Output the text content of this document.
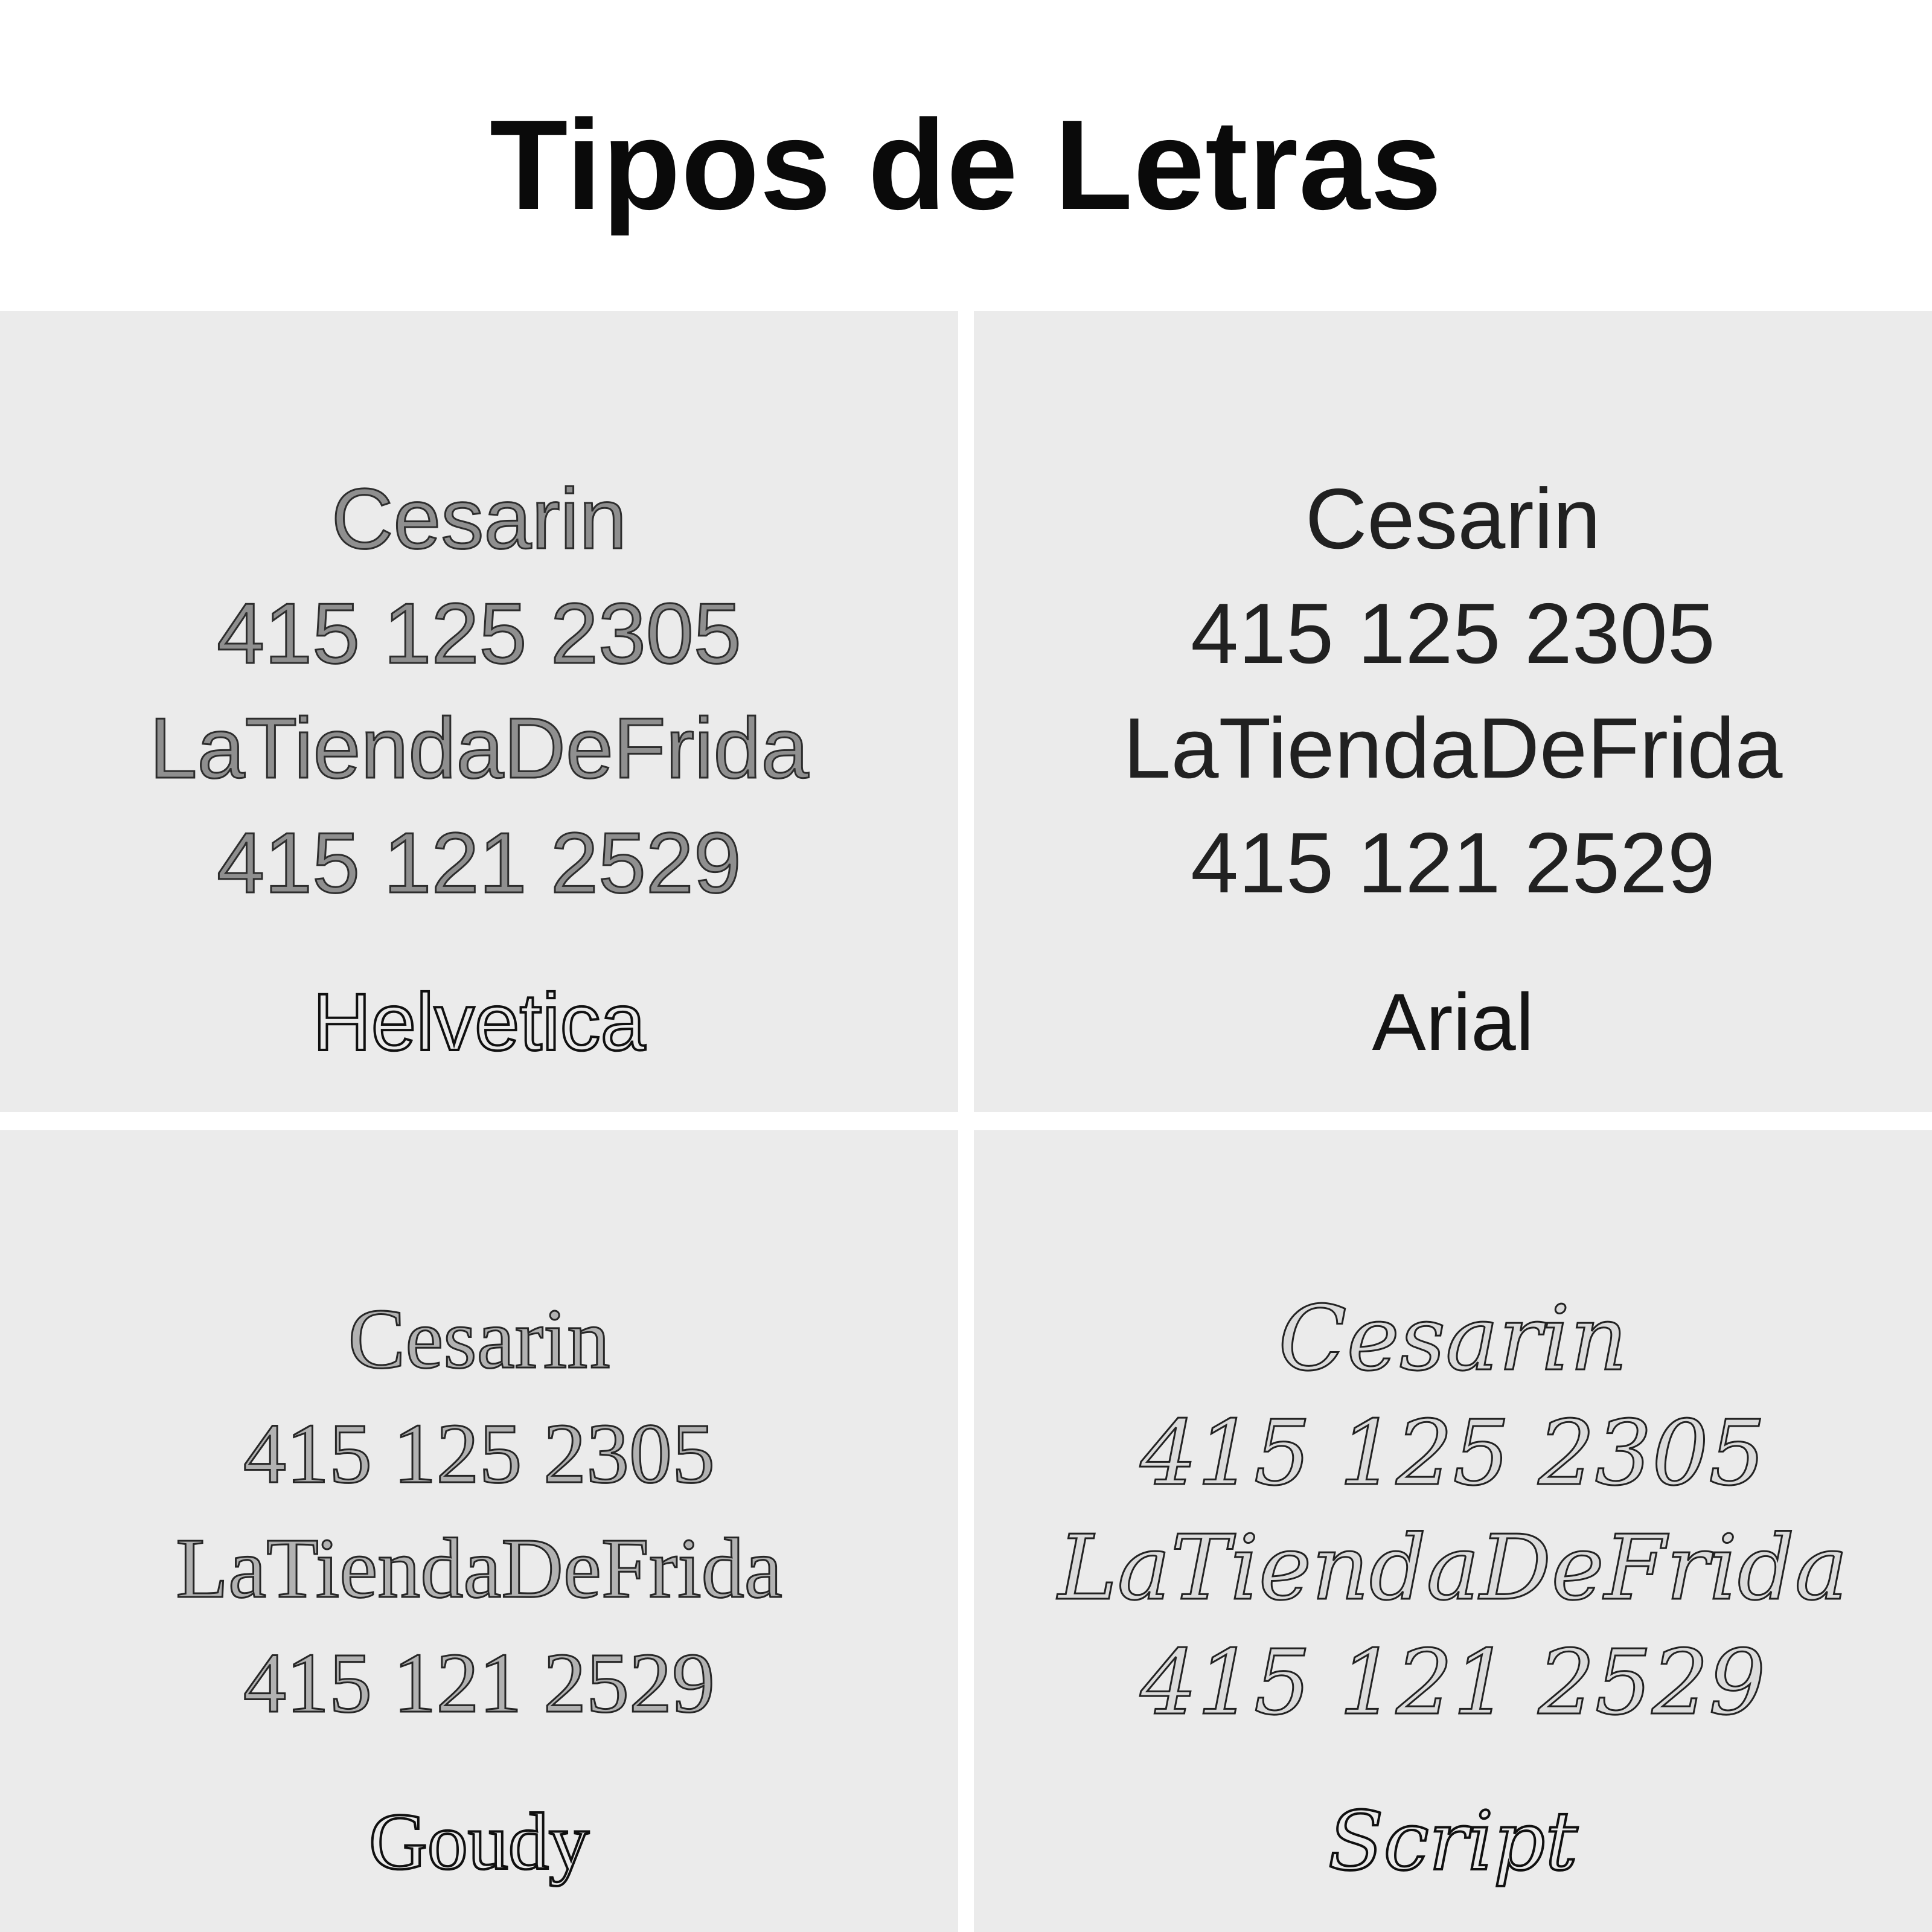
Tipos de Letras
Cesarin
415 125 2305
LaTiendaDeFrida
415 121 2529
Helvetica
Cesarin
415 125 2305
LaTiendaDeFrida
415 121 2529
Arial
Cesarin
415 125 2305
LaTiendaDeFrida
415 121 2529
Goudy
Cesarin
415 125 2305
LaTiendaDeFrida
415 121 2529
Script
